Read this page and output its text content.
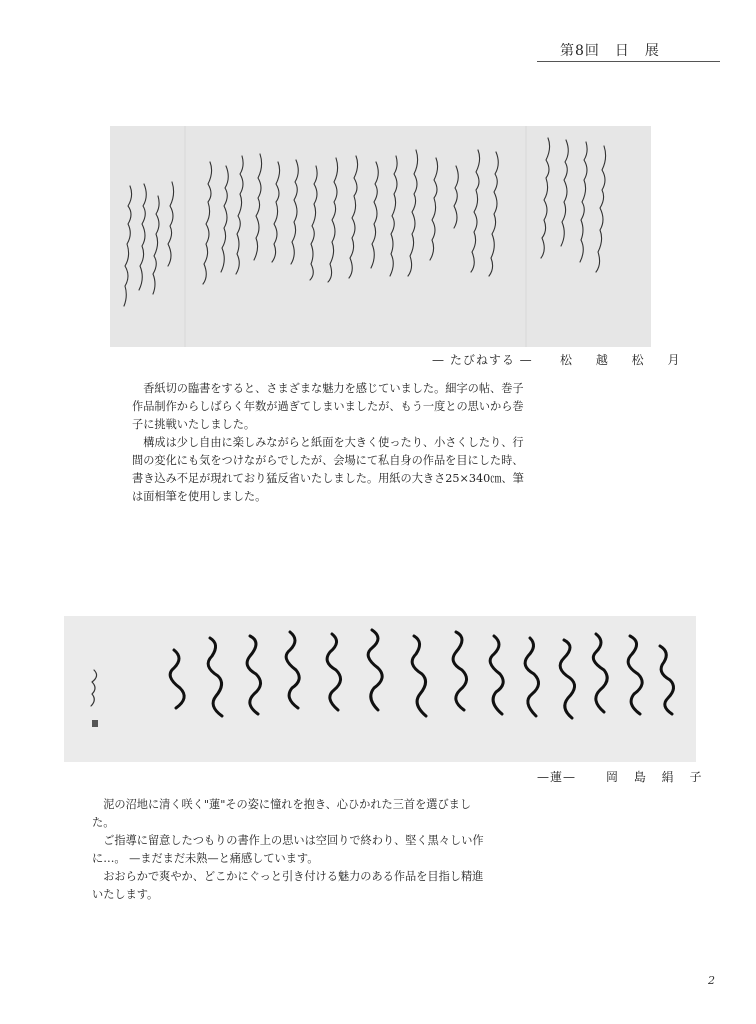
第8回　日　展
— たびねする — 松 越 松 月

香紙切の臨書をすると、さまざまな魅力を感じていました。細字の帖、巻子作品制作からしばらく年数が過ぎてしまいましたが、もう一度との思いから巻子に挑戦いたしました。

構成は少し自由に楽しみながらと紙面を大きく使ったり、小さくしたり、行間の変化にも気をつけながらでしたが、会場にて私自身の作品を目にした時、書き込み不足が現れており猛反省いたしました。用紙の大きさ25×340㎝、筆は面相筆を使用しました。

—蓮— 岡 島 絹 子

泥の沼地に清く咲く"蓮"その姿に憧れを抱き、心ひかれた三首を選びました。

ご指導に留意したつもりの書作上の思いは空回りで終わり、堅く黒々しい作に…。 —まだまだ未熟—と痛感しています。

おおらかで爽やか、どこかにぐっと引き付ける魅力のある作品を目指し精進いたします。

2
